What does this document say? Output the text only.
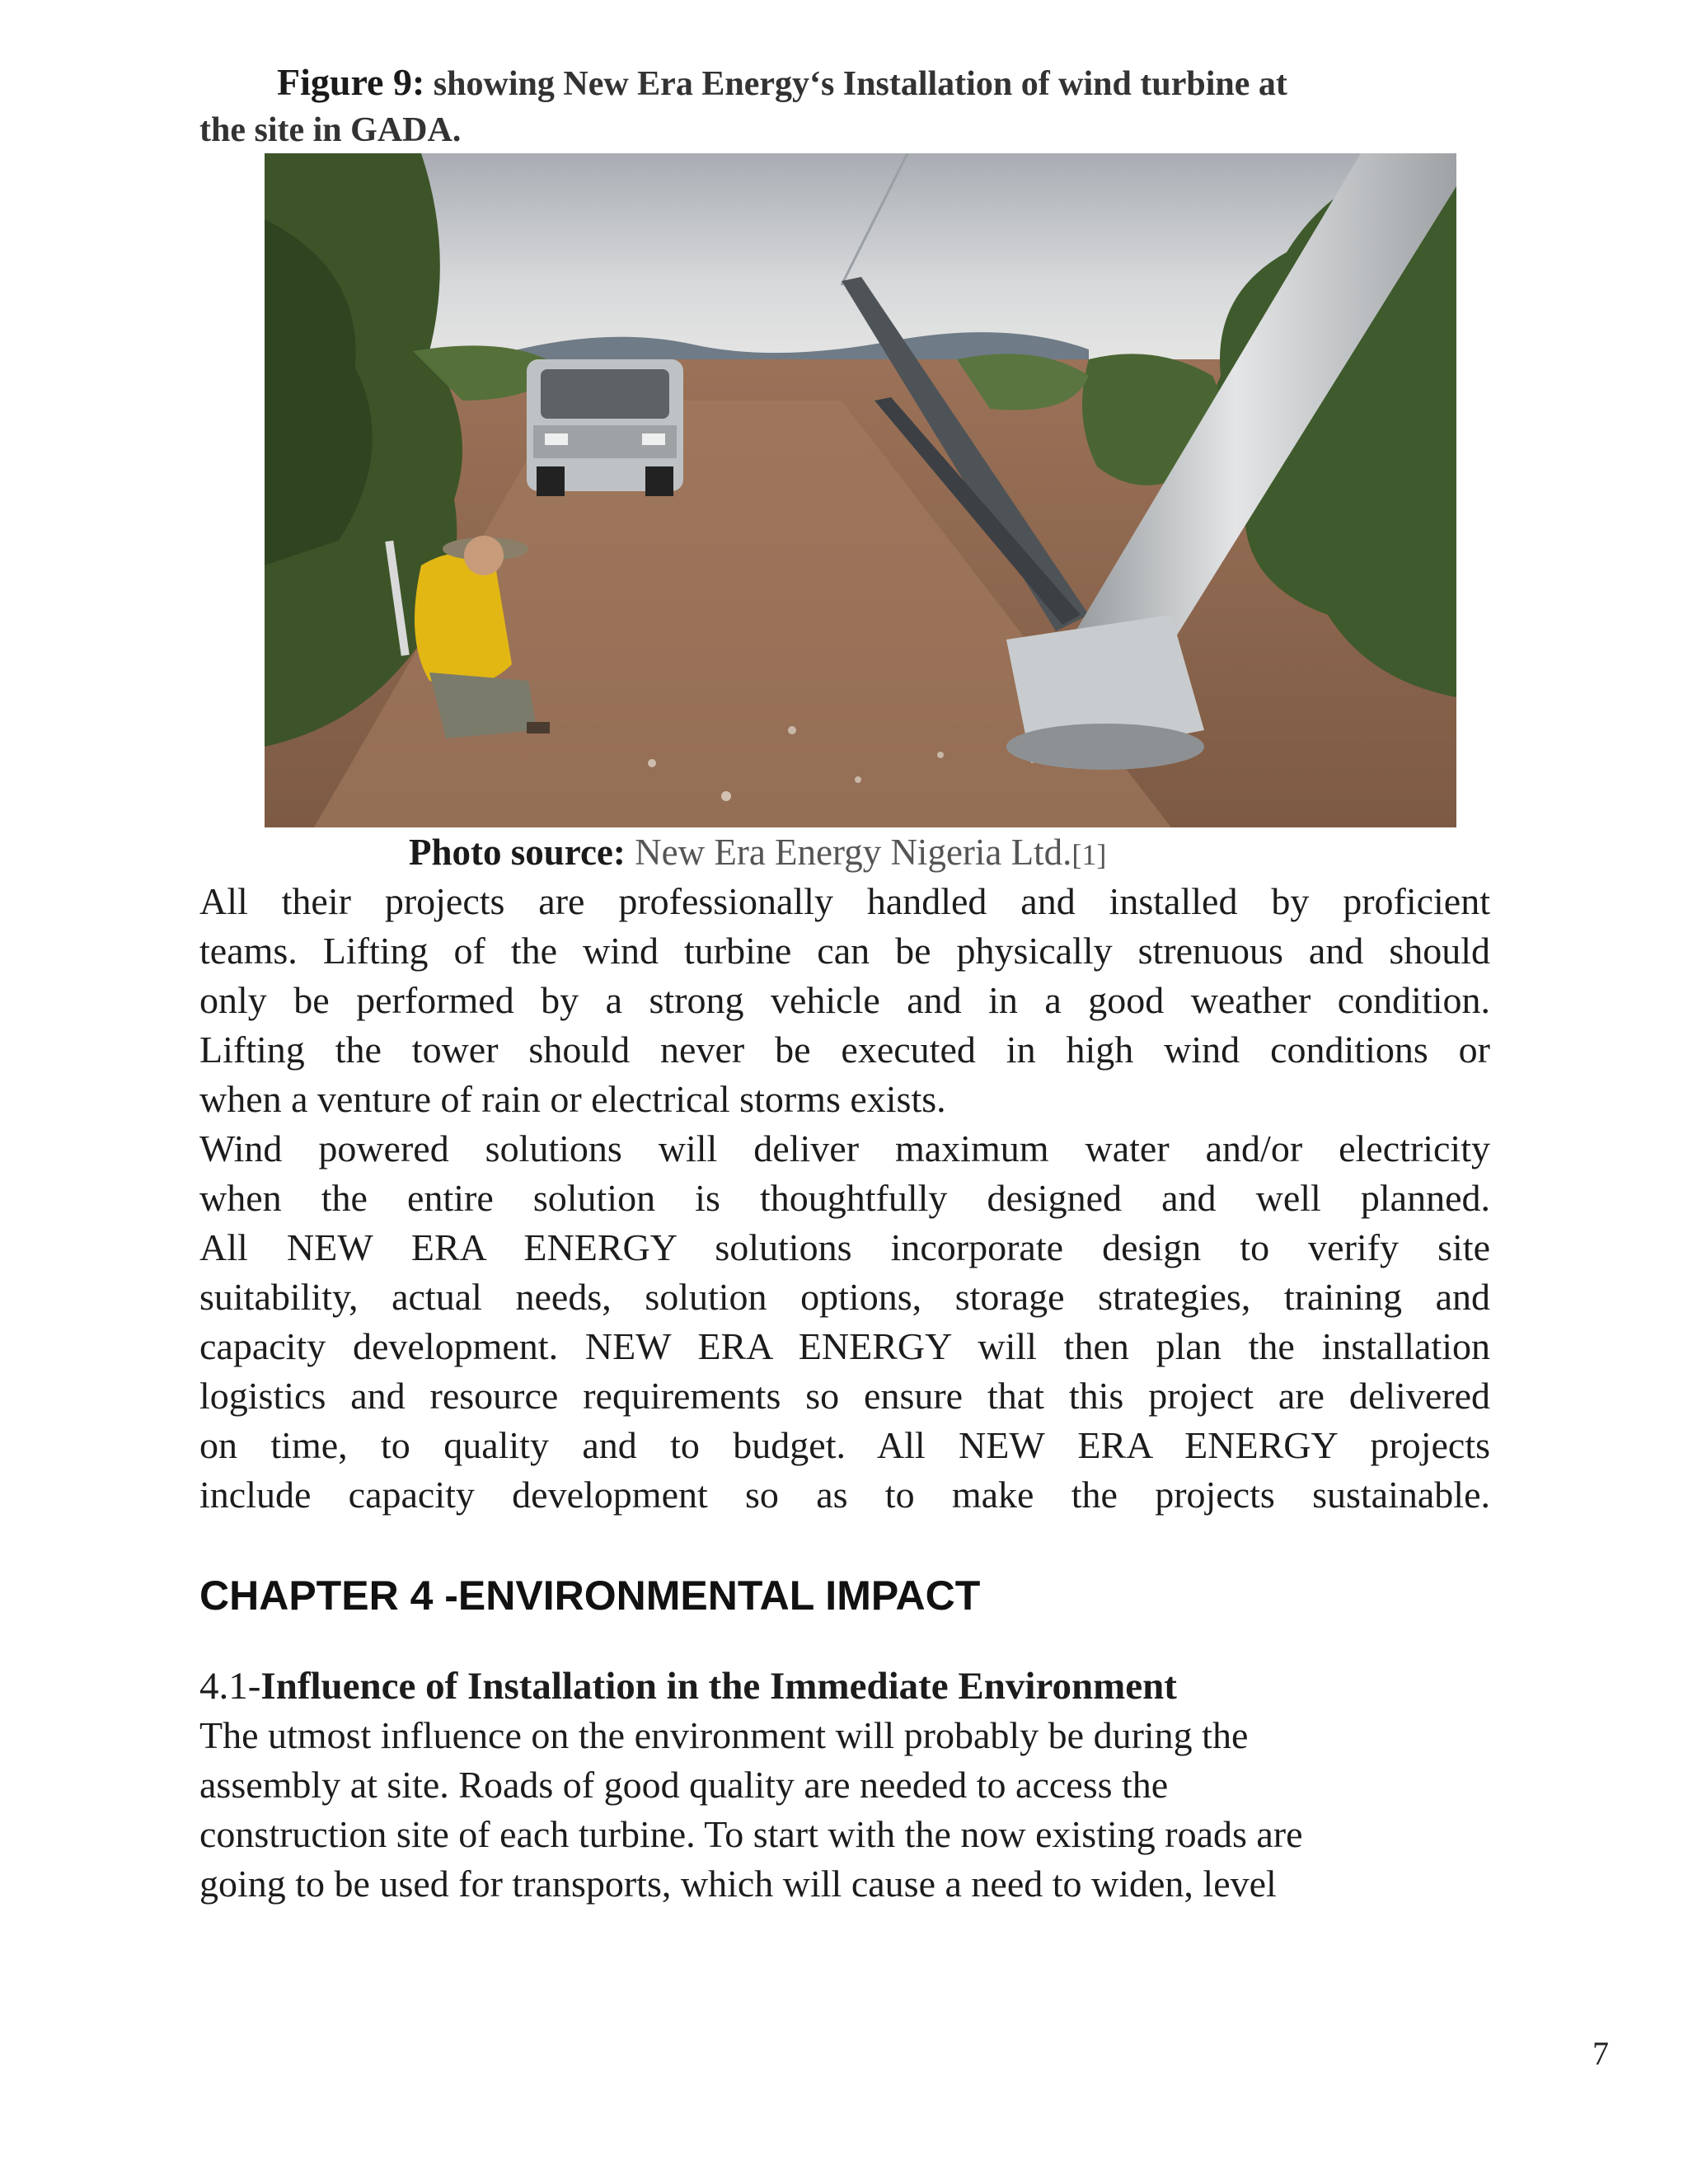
Figure 9: showing New Era Energy‘s Installation of wind turbine at
the site in GADA.
Photo source: New Era Energy Nigeria Ltd.[1]
All their projects are professionally handled and installed by proficient
teams. Lifting of the wind turbine can be physically strenuous and should
only be performed by a strong vehicle and in a good weather condition.
Lifting the tower should never be executed in high wind conditions or
when a venture of rain or electrical storms exists.
Wind powered solutions will deliver maximum water and/or electricity
when the entire solution is thoughtfully designed and well planned.
All NEW ERA ENERGY solutions incorporate design to verify site
suitability, actual needs, solution options, storage strategies, training and
capacity development. NEW ERA ENERGY will then plan the installation
logistics and resource requirements so ensure that this project are delivered
on time, to quality and to budget. All NEW ERA ENERGY projects
include capacity development so as to make the projects sustainable.
CHAPTER 4 -ENVIRONMENTAL IMPACT
4.1-Influence of Installation in the Immediate Environment
The utmost influence on the environment will probably be during the
assembly at site. Roads of good quality are needed to access the
construction site of each turbine. To start with the now existing roads are
going to be used for transports, which will cause a need to widen, level
7
